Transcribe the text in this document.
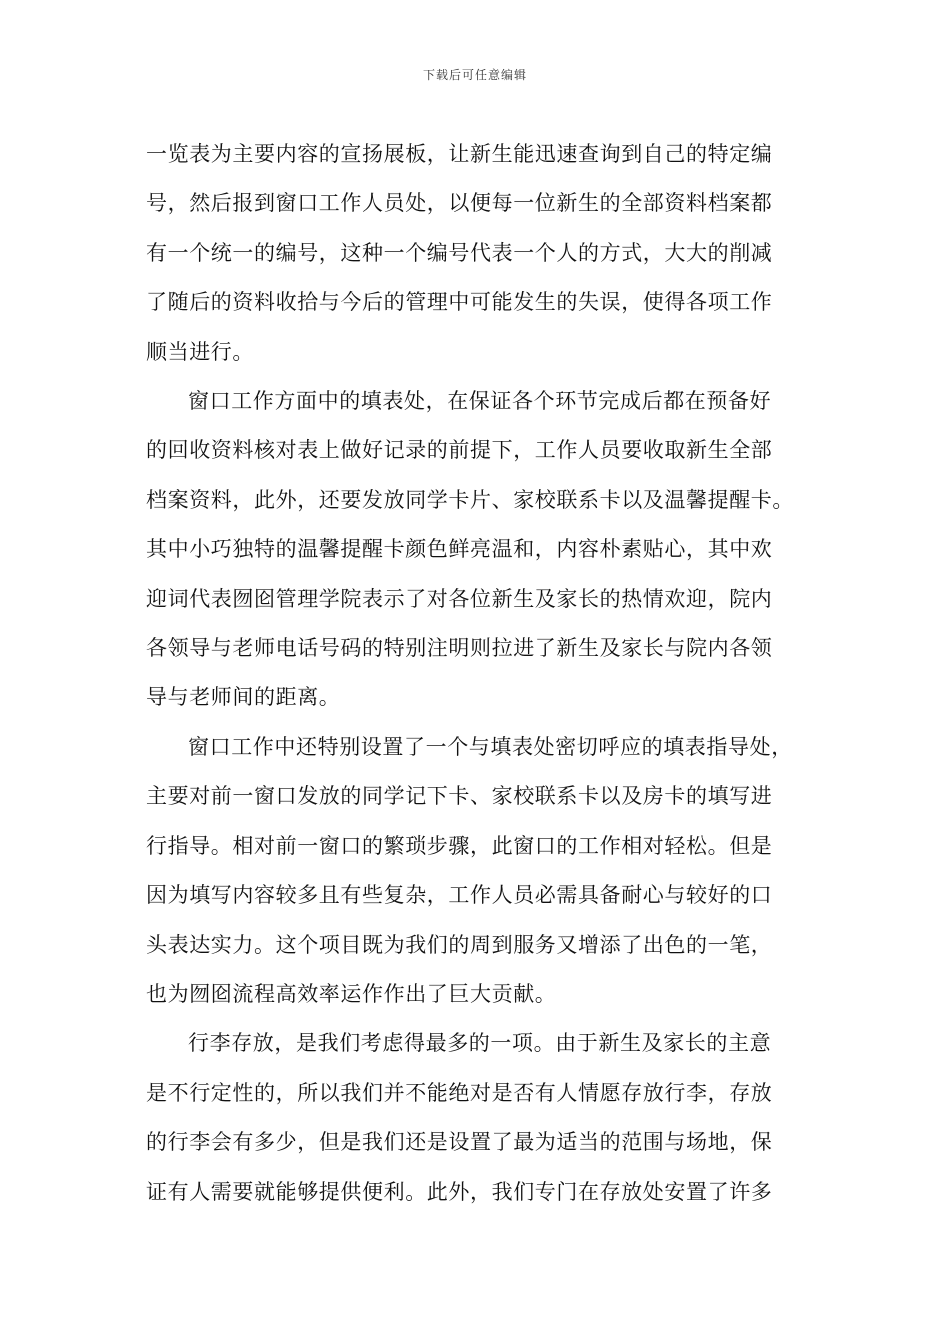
下载后可任意编辑

一览表为主要内容的宣扬展板，让新生能迅速查询到自己的特定编
号，然后报到窗口工作人员处，以便每一位新生的全部资料档案都
有一个统一的编号，这种一个编号代表一个人的方式，大大的削减
了随后的资料收拾与今后的管理中可能发生的失误，使得各项工作
顺当进行。

窗口工作方面中的填表处，在保证各个环节完成后都在预备好
的回收资料核对表上做好记录的前提下，工作人员要收取新生全部
档案资料，此外，还要发放同学卡片、家校联系卡以及温馨提醒卡。
其中小巧独特的温馨提醒卡颜色鲜亮温和，内容朴素贴心，其中欢
迎词代表囫囵管理学院表示了对各位新生及家长的热情欢迎，院内
各领导与老师电话号码的特别注明则拉进了新生及家长与院内各领
导与老师间的距离。

窗口工作中还特别设置了一个与填表处密切呼应的填表指导处，
主要对前一窗口发放的同学记下卡、家校联系卡以及房卡的填写进
行指导。相对前一窗口的繁琐步骤，此窗口的工作相对轻松。但是
因为填写内容较多且有些复杂，工作人员必需具备耐心与较好的口
头表达实力。这个项目既为我们的周到服务又增添了出色的一笔，
也为囫囵流程高效率运作作出了巨大贡献。

行李存放，是我们考虑得最多的一项。由于新生及家长的主意
是不行定性的，所以我们并不能绝对是否有人情愿存放行李，存放
的行李会有多少，但是我们还是设置了最为适当的范围与场地，保
证有人需要就能够提供便利。此外，我们专门在存放处安置了许多
